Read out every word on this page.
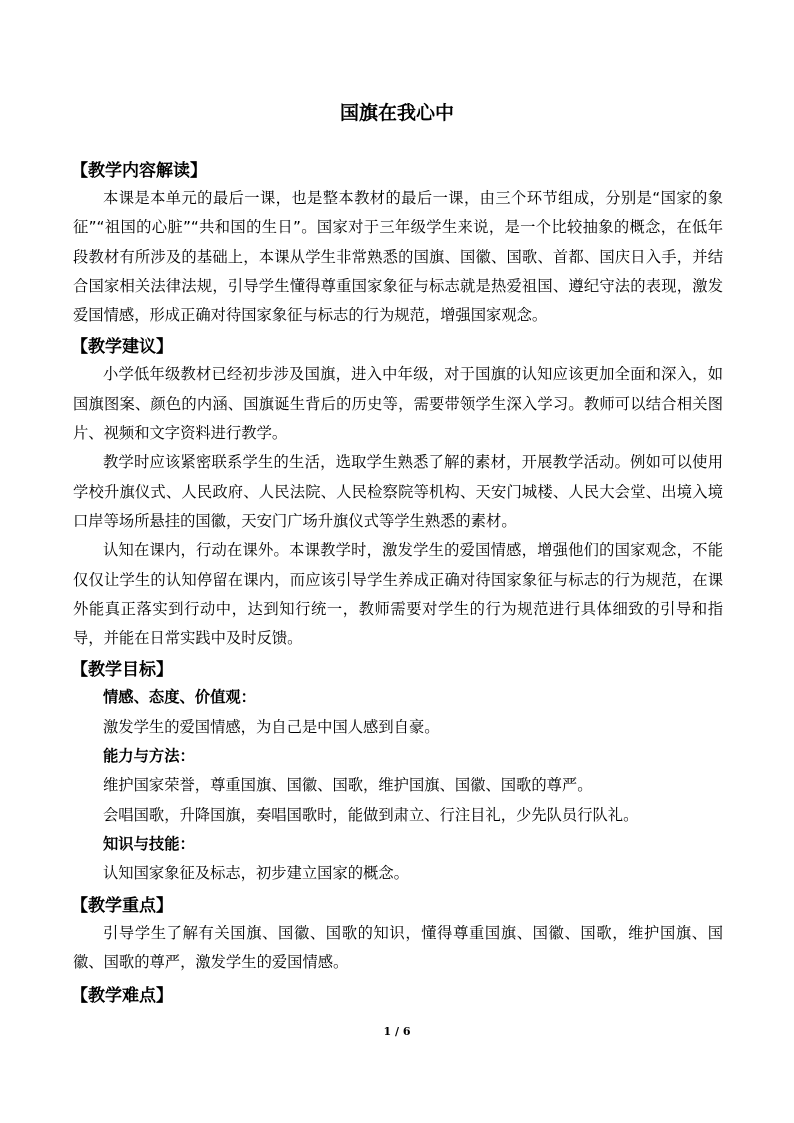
国旗在我心中
【教学内容解读】

本课是本单元的最后一课，也是整本教材的最后一课，由三个环节组成，分别是“国家的象征”“祖国的心脏”“共和国的生日”。国家对于三年级学生来说，是一个比较抽象的概念，在低年段教材有所涉及的基础上，本课从学生非常熟悉的国旗、国徽、国歌、首都、国庆日入手，并结合国家相关法律法规，引导学生懂得尊重国家象征与标志就是热爱祖国、遵纪守法的表现，激发爱国情感，形成正确对待国家象征与标志的行为规范，增强国家观念。

【教学建议】

小学低年级教材已经初步涉及国旗，进入中年级，对于国旗的认知应该更加全面和深入，如国旗图案、颜色的内涵、国旗诞生背后的历史等，需要带领学生深入学习。教师可以结合相关图片、视频和文字资料进行教学。

教学时应该紧密联系学生的生活，选取学生熟悉了解的素材，开展教学活动。例如可以使用学校升旗仪式、人民政府、人民法院、人民检察院等机构、天安门城楼、人民大会堂、出境入境口岸等场所悬挂的国徽，天安门广场升旗仪式等学生熟悉的素材。

认知在课内，行动在课外。本课教学时，激发学生的爱国情感，增强他们的国家观念，不能仅仅让学生的认知停留在课内，而应该引导学生养成正确对待国家象征与标志的行为规范，在课外能真正落实到行动中，达到知行统一，教师需要对学生的行为规范进行具体细致的引导和指导，并能在日常实践中及时反馈。

【教学目标】

情感、态度、价值观：

激发学生的爱国情感，为自己是中国人感到自豪。

能力与方法：

维护国家荣誉，尊重国旗、国徽、国歌，维护国旗、国徽、国歌的尊严。

会唱国歌，升降国旗，奏唱国歌时，能做到肃立、行注目礼，少先队员行队礼。

知识与技能：

认知国家象征及标志，初步建立国家的概念。

【教学重点】

引导学生了解有关国旗、国徽、国歌的知识，懂得尊重国旗、国徽、国歌，维护国旗、国徽、国歌的尊严，激发学生的爱国情感。

【教学难点】
1 / 6
